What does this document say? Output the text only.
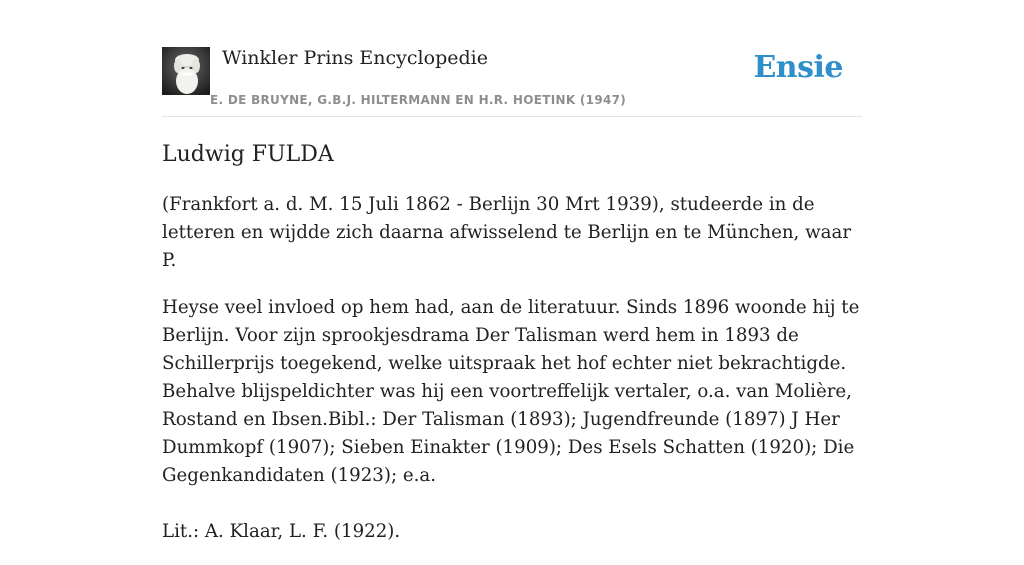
Winkler Prins Encyclopedie
E. DE BRUYNE, G.B.J. HILTERMANN EN H.R. HOETINK (1947)
Ensie
Ludwig FULDA

(Frankfort a. d. M. 15 Juli 1862 - Berlijn 30 Mrt 1939), studeerde in de letteren en wijdde zich daarna afwisselend te Berlijn en te München, waar P.

Heyse veel invloed op hem had, aan de literatuur. Sinds 1896 woonde hij te Berlijn. Voor zijn sprookjesdrama Der Talisman werd hem in 1893 de Schillerprijs toegekend, welke uitspraak het hof echter niet bekrachtigde. Behalve blijspeldichter was hij een voortreffelijk vertaler, o.a. van Molière, Rostand en Ibsen.Bibl.: Der Talisman (1893); Jugendfreunde (1897) J Her Dummkopf (1907); Sieben Einakter (1909); Des Esels Schatten (1920); Die Gegenkandidaten (1923); e.a.

Lit.: A. Klaar, L. F. (1922).
